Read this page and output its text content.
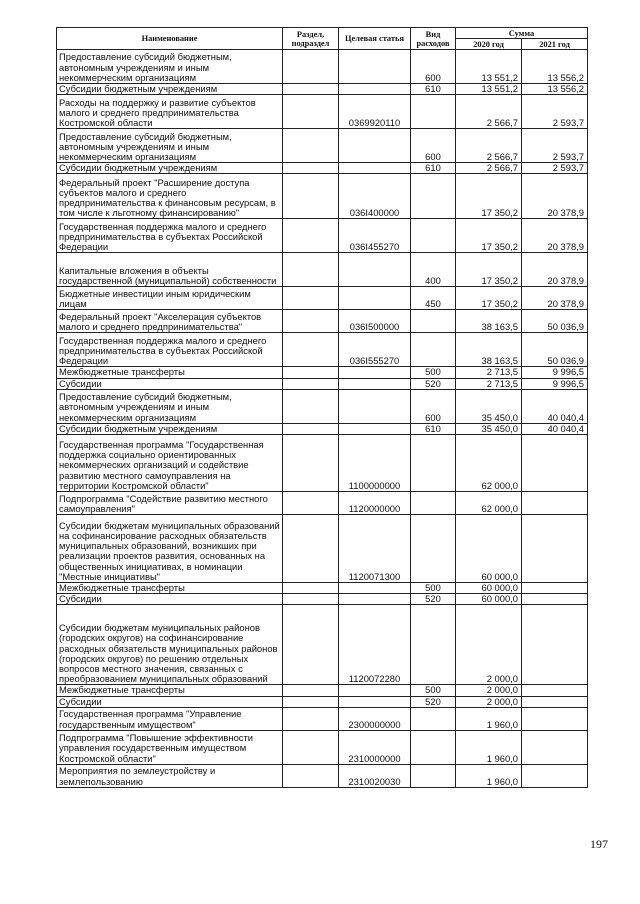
Наименование	Раздел, подраздел	Целевая статья	Вид расходов	Сумма	
				2020 год	2021 год
Предоставление субсидий бюджетным, автономным учреждениям и иным некоммерческим организациям			600	13 551,2	13 556,2
Субсидии бюджетным учреждениям			610	13 551,2	13 556,2
Расходы на поддержку и развитие субъектов малого и среднего предпринимательства Костромской области		0369920110		2 566,7	2 593,7
Предоставление субсидий бюджетным, автономным учреждениям и иным некоммерческим организациям			600	2 566,7	2 593,7
Субсидии бюджетным учреждениям			610	2 566,7	2 593,7
Федеральный проект "Расширение доступа субъектов малого и среднего предпринимательства к финансовым ресурсам, в том числе к льготному финансированию"		036I400000		17 350,2	20 378,9
Государственная поддержка малого и среднего предпринимательства в субъектах Российской Федерации		036I455270		17 350,2	20 378,9
Капитальные вложения в объекты государственной (муниципальной) собственности			400	17 350,2	20 378,9
Бюджетные инвестиции иным юридическим лицам			450	17 350,2	20 378,9
Федеральный проект "Акселерация субъектов малого и среднего предпринимательства"		036I500000		38 163,5	50 036,9
Государственная поддержка малого и среднего предпринимательства в субъектах Российской Федерации		036I555270		38 163,5	50 036,9
Межбюджетные трансферты			500	2 713,5	9 996,5
Субсидии			520	2 713,5	9 996,5
Предоставление субсидий бюджетным, автономным учреждениям и иным некоммерческим организациям			600	35 450,0	40 040,4
Субсидии бюджетным учреждениям			610	35 450,0	40 040,4
Государственная программа "Государственная поддержка социально ориентированных некоммерческих организаций и содействие развитию местного самоуправления на территории Костромской области"		1100000000		62 000,0	
Подпрограмма "Содействие развитию местного самоуправления"		1120000000		62 000,0	
Субсидии бюджетам муниципальных образований на софинансирование расходных обязательств муниципальных образований, возникших при реализации проектов развития, основанных на общественных инициативах, в номинации "Местные инициативы"		1120071300		60 000,0	
Межбюджетные трансферты			500	60 000,0	
Субсидии			520	60 000,0	
Субсидии бюджетам муниципальных районов (городских округов) на софинансирование расходных обязательств муниципальных районов (городских округов) по решению отдельных вопросов местного значения, связанных с преобразованием муниципальных образований		1120072280		2 000,0	
Межбюджетные трансферты			500	2 000,0	
Субсидии			520	2 000,0	
Государственная программа "Управление государственным имуществом"		2300000000		1 960,0	
Подпрограмма "Повышение эффективности управления государственным имуществом Костромской области"		2310000000		1 960,0	
Мероприятия по землеустройству и землепользованию		2310020030		1 960,0	
197
